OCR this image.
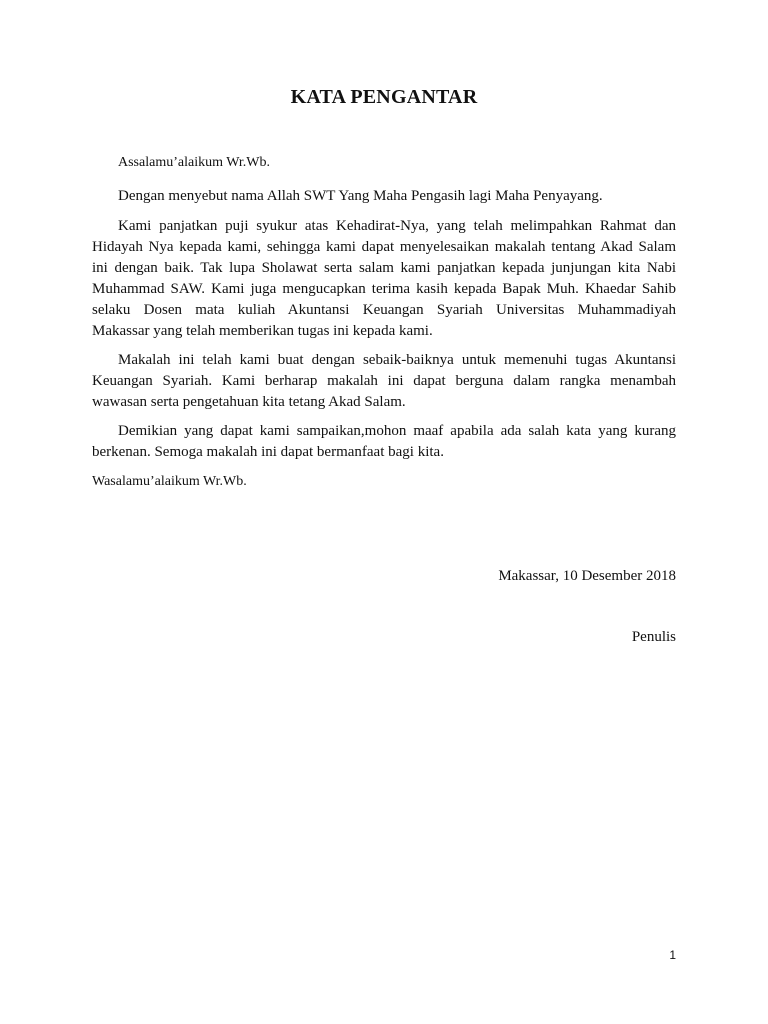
KATA PENGANTAR
Assalamu’alaikum Wr.Wb.
Dengan menyebut nama Allah SWT Yang Maha Pengasih lagi Maha Penyayang.
Kami panjatkan puji syukur atas Kehadirat-Nya, yang telah melimpahkan Rahmat dan
Hidayah Nya kepada kami, sehingga kami dapat menyelesaikan makalah tentang Akad Salam
ini dengan baik. Tak lupa Sholawat serta salam kami panjatkan kepada junjungan kita Nabi
Muhammad SAW. Kami juga mengucapkan terima kasih kepada Bapak Muh. Khaedar Sahib
selaku Dosen mata kuliah Akuntansi Keuangan Syariah Universitas Muhammadiyah
Makassar yang telah memberikan tugas ini kepada kami.
Makalah ini telah kami buat dengan sebaik-baiknya untuk memenuhi tugas Akuntansi
Keuangan Syariah. Kami berharap makalah ini dapat berguna dalam rangka menambah
wawasan serta pengetahuan kita tetang Akad Salam.
Demikian yang dapat kami sampaikan,mohon maaf apabila ada salah kata yang kurang
berkenan. Semoga makalah ini dapat bermanfaat bagi kita.
Wasalamu’alaikum Wr.Wb.
Makassar, 10 Desember 2018
Penulis
1
